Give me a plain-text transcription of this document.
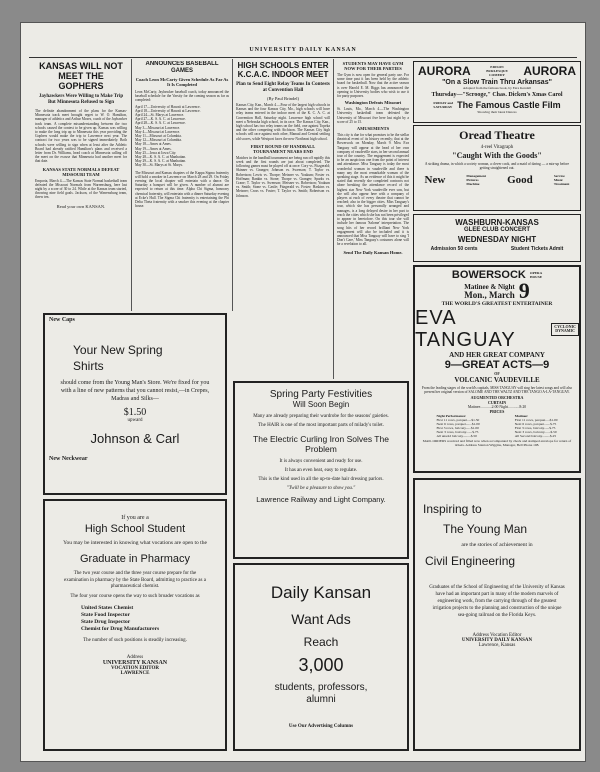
UNIVERSITY DAILY KANSAN
KANSAS WILL NOT MEET THE GOPHERS
Jayhawkers Were Willing to Make Trip But Minnesota Refused to Sign
The definite abandonment of the plans for the Kansas-Minnesota track meet brought regret to W. O. Hamilton, manager of athletics and Arthur Moses, coach of the Jayhawker track team. A complete misunderstanding between the two schools caused the contest to be given up. Kansas was willing to make the long trip up to Minnesota this year providing the Gophers would make the trip to Lawrence next year. The contract for two years was to be signed immediately. Both schools were willing to sign when at least after the Athletic Board had already ratified Hamilton's plans and received a letter from Dr. Williams, head coach at Minnesota calling off the meet on the excuse that Minnesota had another meet for that date.
KANSAS STATE NORMALS DEFEAT MISSOURI TEAM
Emporia, March 4.—The Kansas State Normal basketball team defeated the Missouri Normals from Warrensburg, here last night by a score of 30 to 24. While at the Kansas team started, throwing nine field goals. Jackson, of the Warrensburg team, threw ten.
Read your own KANSAN.
ANNOUNCES BASEBALL GAMES
Coach Leon McCarty Given Schedule As Far As It Is Completed
Leon McCarty, Jayhawker baseball coach, today announced the baseball schedule for the Varsity for the coming season as far as completed:
April 17—University of Hawaii at Lawrence.
April 18—University of Hawaii at Lawrence.
April 24—St. Marys at Lawrence.
April 27—K. S. A. C. at Lawrence.
April 28—K. S. A. C. at Lawrence.
May 3—Missouri at Lawrence.
May 4—Missouri at Lawrence.
May 11—Missouri at Columbia.
May 12—Missouri at Columbia.
May 18—Ames at Ames.
May 19—Ames at Ames.
May 25—Iowa at Iowa City.
May 28—K. S. A. C. at Manhattan.
May 29—K. S. A. C. at Manhattan.
May 30—St. Marys at St. Marys.
The Missouri and Kansas chapters of the Kappa Sigma fraternity will hold a smoker in Lawrence on March 28 and 29. On Friday evening the local chapter will entertain with a dance. On Saturday a banquet will be given. A number of alumni are expected to return at this time. Alpha Chi Sigma, honorary chemical fraternity, will entertain with a dinner Saturday evening at Ecke's Hall. The Sigma Chi fraternity is entertaining the Phi Delta Theta fraternity with a smoker this evening at the chapter house.
HIGH SCHOOLS ENTER K.C.A.C. INDOOR MEET
Plan to Send Eight Relay Teams In Contests at Convention Hall
(By Paul Brindel)
Kansas City, Kan., March 4.—Four of the largest high schools in Kansas and the four Kansas City, Mo., high schools will have relay teams entered in the indoor meet of the K. C. A. C. at Convention Hall, Saturday night. Lawrence high school will meet a Nebraska high school, in its race. The Kansas City, Kan., high school has two relay teams on the field, one against Topeka and the other competing with Atchison. The Kansas City high schools will race against each other, Manual and Central settling old scores, while Westport faces the new Northeast high school.
FIRST ROUND OF HANDBALL TOURNAMENT NEARS END
Matches in the handball tournament are being run off rapidly this week and the first rounds are just about completed. The following games must be played off at once: Cory vs. Fitzgerald; Skinner vs. Granger; Johnson vs. Swenson; T. Taylor vs. Robertson; Lewis vs. Thorpe; Meisner vs. Yoakum; Foster vs. Hoffman; Rankin vs. Stone; Thorpe vs. Granger; Sparks vs. Crane; T. Taylor vs. Swenson; Meisner vs. Robertson; Yoakum vs. Smith; Stone vs. Castle; Fitzgerald vs. Foster; Haskins vs. Meisner; Cross vs. Foster; T. Taylor vs. Smith; Robertson vs. Johnson.
STUDENTS MAY HAVE GYM NOW FOR THEIR PARTIES
The Gym is now open for general party use. For some time past it has been held by the athletic board for basketball. Now that the active season is over Harold E. M. Riggs has announced the opening to University bodies who wish to use it for party purposes.
Washington Defeats Missouri
St. Louis, Mo., March 4.—The Washington University basketball team defeated the University of Missouri five here last night by a score of 25 to 15.
AMUSEMENTS
This city is due for what promises to be the stellar theatrical event of its history recently; that at the Bowersock on Monday, March 9. Miss Eva Tanguay will appear at the head of her own company of vaudeville stars, in her second annual tour of the country. The engagement is expected to be an auspicious one from the point of interest and attendance. Miss Tanguay is today the most wonderful woman in vaudeville and there is many any the most remarkable woman of the speaking stage. As an evidence of this it might be stated that recently she completed contracts not alone breaking the attendance record of the highest star New York vaudeville ever saw, but she will also appear here with a company of players at each of every theatre that cannot be reached; also in the bigger cities. Miss Tanguay's tour, which she has personally arranged and manages, is a long delayed desire in her part to reach the cities which she has not been privileged to appear in heretofore. On this tour she will include her famous 'Salome' interpretation. The song hits of her record brilliant New York engagement will also be included and it is announced that Miss Tanguay will have to sing 'I Don't Care,' Miss Tanguay's costumes alone will be a revelation to all.
Send The Daily Kansan Home.
AURORA	EDISON
BURLESQUE
COMEDY AURORA
"On a Slow Train Thru Arkansas"
Adapted from the famous book, by Ezra Kendall
Thursday—"Scrooge," Chas. Dicken's Xmas Carol
FRIDAY and
SATURDAY The Famous Castle Film
Showing their latest Dances
Oread Theatre
4-reel Vitagraph
"Caught With the Goods"
A striking drama, in which a society woman, a clever cook, and a maid of daring — a mix-up before getting straightened out.
New	Management
Pictures
Machine	Good	Service
Music
Treatment
WASHBURN-KANSAS
GLEE CLUB CONCERT
WEDNESDAY NIGHT
Admission 50 cents	Student Tickets Admit
BOWERSOCK OPERA
HOUSE
Matinee & Night
Mon., March 9
THE WORLD'S GREATEST ENTERTAINER
EVA TANGUAY
CYCLONIC
DYNAMIC
AND HER GREAT COMPANY
9—GREAT ACTS—9
OF
VOLCANIC VAUDEVILLE
From the leading stages of the world's capitals, MISS TANGUAY will sing her latest songs and will also present her original version of SALOME AND THE WALTZ AND THE TANGO A-LA-TANGUAY.
AUGMENTED ORCHESTRA
CURTAIN
Matinee............2:00 Night............8:20
PRICES
Night Performance:
First 11 rows, parquet.....$1.50
Next 6 rows, parquet.......$1.00
First 3 rows, balcony......$1.00
Next 3 rows, balcony.......$.75
All unsold balcony.........$.50
Matinee:
First 11 rows, parquet.....$1.00
Next 6 rows, parquet.......$.75
First 3 rows, balcony......$.75
Next 3 rows, balcony.......$.50
All Second balcony.........$.25
MAIL ORDERS received and filled now when accompanied by check and stamped envelope for return of tickets. Address Stanton Wiggins, Manager, Bell Phone 108.
New Caps
Your New Spring
Shirts
should come from the Young Man's Store. We're fixed for you with a line of new patterns that you cannot resist,—in Crepes, Madras and Silks—
$1.50
upward
Johnson & Carl
New Neckwear
Spring Party Festivities
Will Soon Begin
Many are already preparing their wardrobe for the seasons' gaieties.
The HAIR is one of the most important parts of milady's toilet.
The Electric Curling Iron Solves The Problem
It is always convenient and ready for use.
It has an even heat, easy to regulate.
This is the kind used in all the up-to-date hair dressing parlors.
"Twill be a pleasure to show you."
Lawrence Railway and Light Company.
If you are a
High School Student
You may be interested in knowing what vocations are open to the
Graduate in Pharmacy
The two year course and the three year course prepare for the examination in pharmacy by the State Board, admitting to practice as a pharmaceutical chemist.
The four year course opens the way to such broader vocations as
United States Chemist
State Food Inspector
State Drug Inspector
Chemist for Drug Manufacturers
The number of such positions is steadily increasing.
Address
UNIVERSITY KANSAN
VOCATION EDITOR
LAWRENCE
Daily Kansan
Want Ads
Reach
3,000
students, professors, alumni
Use Our Advertising Columns
Inspiring to
The Young Man
are the stories of achievement in
Civil Engineering
Graduates of the School of Engineering of the University of Kansas have had an important part in many of the modern marvels of engineering work, from the carrying through of the greatest irrigation projects to the planning and construction of the unique sea-going railroad on the Florida Keys.
Address Vocation Editor
UNIVERSITY DAILY KANSAN
Lawrence, Kansas
